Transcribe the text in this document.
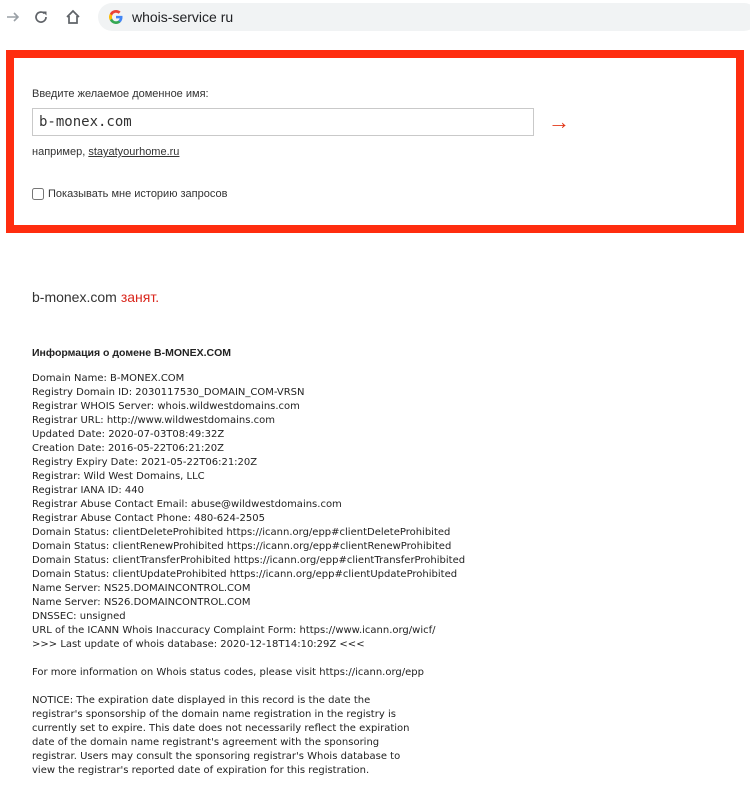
whois-service ru
Введите желаемое доменное имя:
b-monex.com
→
например, stayatyourhome.ru
Показывать мне историю запросов
b-monex.com занят.
Информация о домене B-MONEX.COM
Domain Name: B-MONEX.COM
Registry Domain ID: 2030117530_DOMAIN_COM-VRSN
Registrar WHOIS Server: whois.wildwestdomains.com
Registrar URL: http://www.wildwestdomains.com
Updated Date: 2020-07-03T08:49:32Z
Creation Date: 2016-05-22T06:21:20Z
Registry Expiry Date: 2021-05-22T06:21:20Z
Registrar: Wild West Domains, LLC
Registrar IANA ID: 440
Registrar Abuse Contact Email: abuse@wildwestdomains.com
Registrar Abuse Contact Phone: 480-624-2505
Domain Status: clientDeleteProhibited https://icann.org/epp#clientDeleteProhibited
Domain Status: clientRenewProhibited https://icann.org/epp#clientRenewProhibited
Domain Status: clientTransferProhibited https://icann.org/epp#clientTransferProhibited
Domain Status: clientUpdateProhibited https://icann.org/epp#clientUpdateProhibited
Name Server: NS25.DOMAINCONTROL.COM
Name Server: NS26.DOMAINCONTROL.COM
DNSSEC: unsigned
URL of the ICANN Whois Inaccuracy Complaint Form: https://www.icann.org/wicf/
>>> Last update of whois database: 2020-12-18T14:10:29Z <<<
For more information on Whois status codes, please visit https://icann.org/epp
NOTICE: The expiration date displayed in this record is the date the
registrar's sponsorship of the domain name registration in the registry is
currently set to expire. This date does not necessarily reflect the expiration
date of the domain name registrant's agreement with the sponsoring
registrar. Users may consult the sponsoring registrar's Whois database to
view the registrar's reported date of expiration for this registration.
